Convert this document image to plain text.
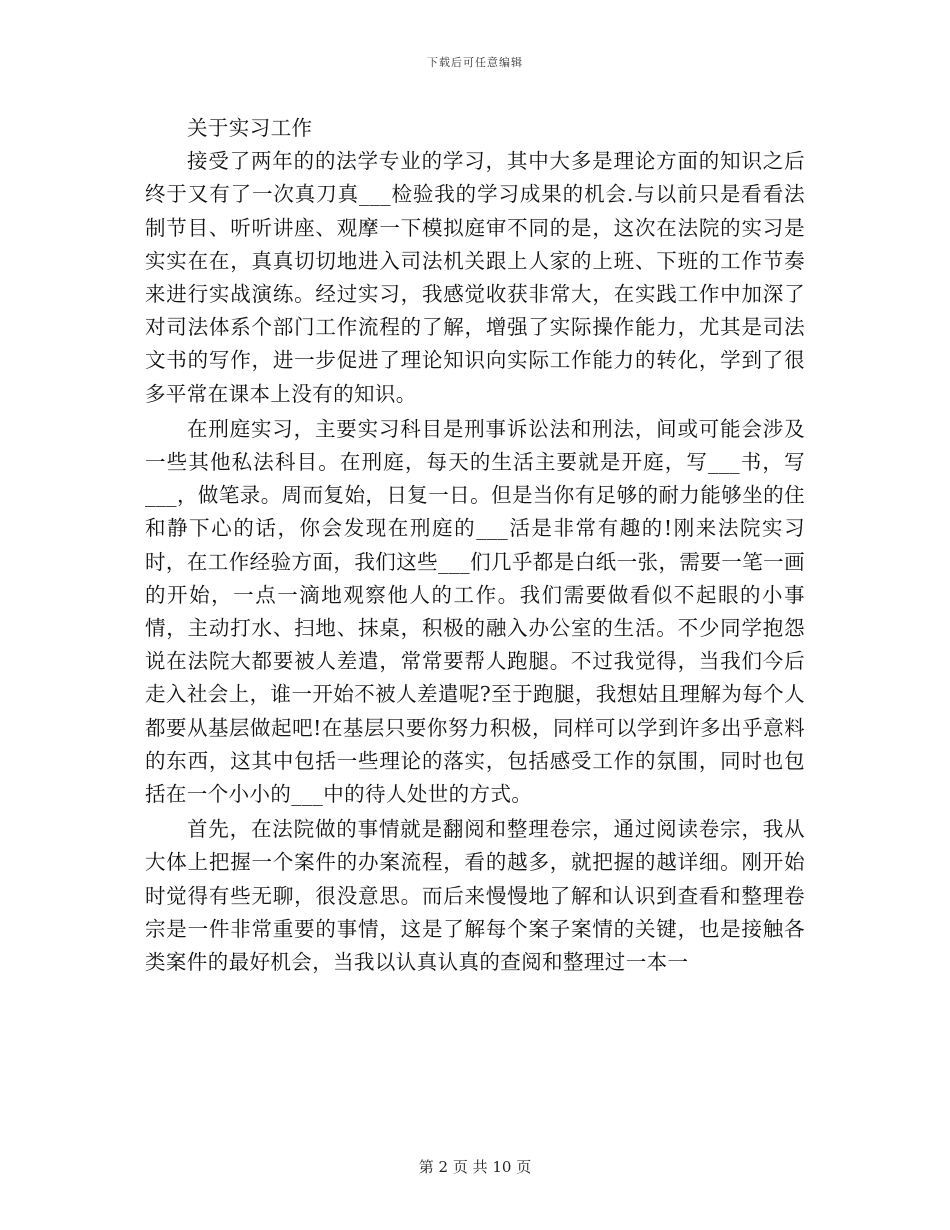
下载后可任意编辑

关于实习工作

接受了两年的的法学专业的学习，其中大多是理论方面的知识之后终于又有了一次真刀真___检验我的学习成果的机会.与以前只是看看法制节目、听听讲座、观摩一下模拟庭审不同的是，这次在法院的实习是实实在在，真真切切地进入司法机关跟上人家的上班、下班的工作节奏来进行实战演练。经过实习，我感觉收获非常大，在实践工作中加深了对司法体系个部门工作流程的了解，增强了实际操作能力，尤其是司法文书的写作，进一步促进了理论知识向实际工作能力的转化，学到了很多平常在课本上没有的知识。

在刑庭实习，主要实习科目是刑事诉讼法和刑法，间或可能会涉及一些其他私法科目。在刑庭，每天的生活主要就是开庭，写___书，写___，做笔录。周而复始，日复一日。但是当你有足够的耐力能够坐的住和静下心的话，你会发现在刑庭的___活是非常有趣的!刚来法院实习时，在工作经验方面，我们这些___们几乎都是白纸一张，需要一笔一画的开始，一点一滴地观察他人的工作。我们需要做看似不起眼的小事情，主动打水、扫地、抹桌，积极的融入办公室的生活。不少同学抱怨说在法院大都要被人差遣，常常要帮人跑腿。不过我觉得，当我们今后走入社会上，谁一开始不被人差遣呢?至于跑腿，我想姑且理解为每个人都要从基层做起吧!在基层只要你努力积极，同样可以学到许多出乎意料的东西，这其中包括一些理论的落实，包括感受工作的氛围，同时也包括在一个小小的___中的待人处世的方式。

首先，在法院做的事情就是翻阅和整理卷宗，通过阅读卷宗，我从大体上把握一个案件的办案流程，看的越多，就把握的越详细。刚开始时觉得有些无聊，很没意思。而后来慢慢地了解和认识到查看和整理卷宗是一件非常重要的事情，这是了解每个案子案情的关键，也是接触各类案件的最好机会，当我以认真认真的查阅和整理过一本一

第 2 页 共 10 页
